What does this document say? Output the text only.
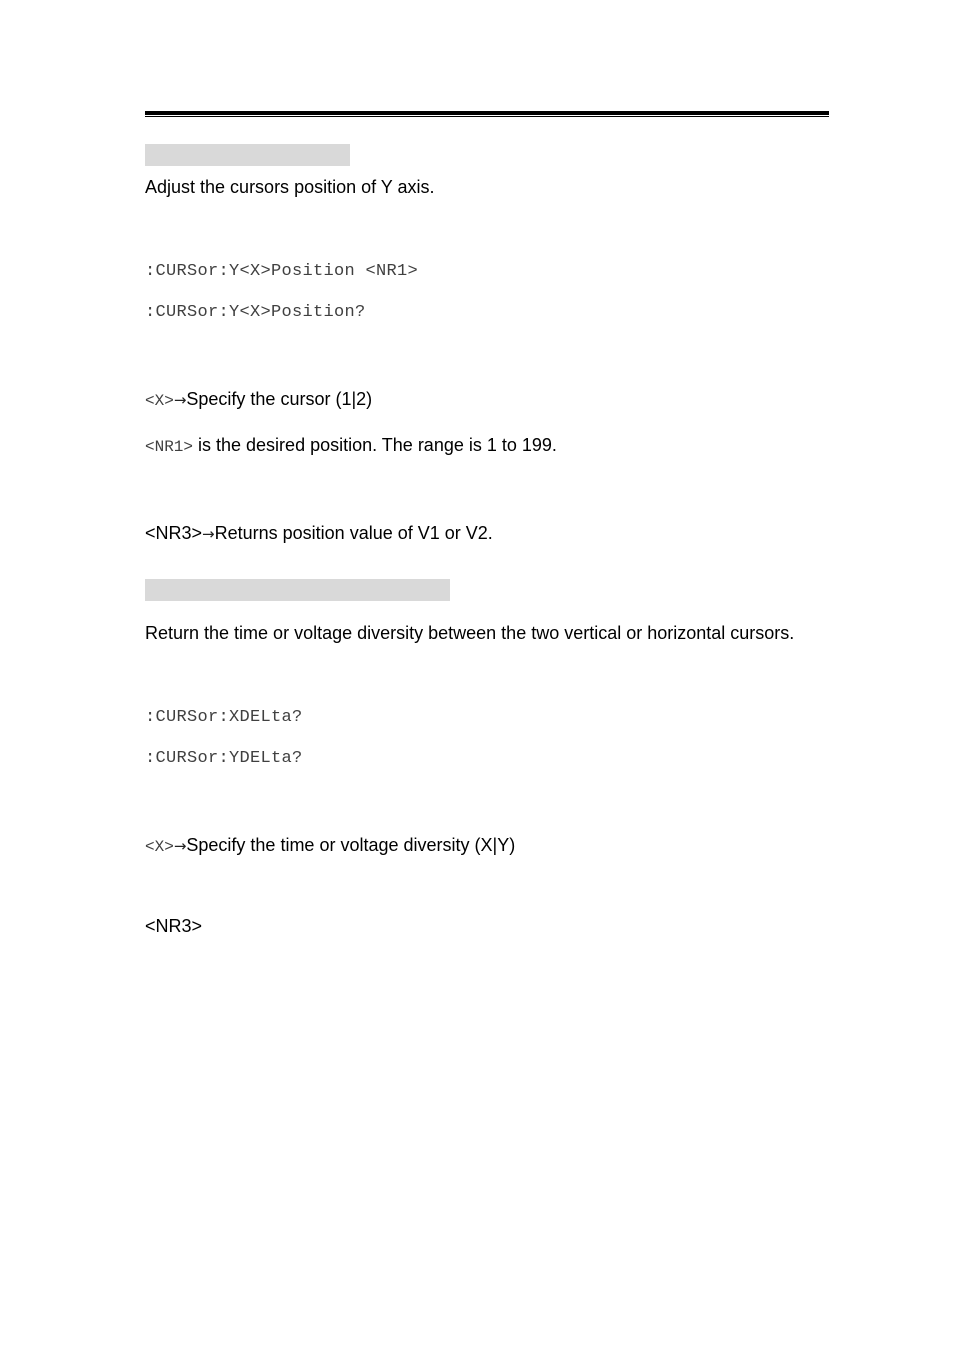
Adjust the cursors position of Y axis.
:CURSor:Y<X>Position <NR1>
:CURSor:Y<X>Position?
<X>→Specify the cursor (1|2)
<NR1> is the desired position. The range is 1 to 199.
<NR3>→Returns position value of V1 or V2.
Return the time or voltage diversity between the two vertical or horizontal cursors.
:CURSor:XDELta?
:CURSor:YDELta?
<X>→Specify the time or voltage diversity (X|Y)
<NR3>
